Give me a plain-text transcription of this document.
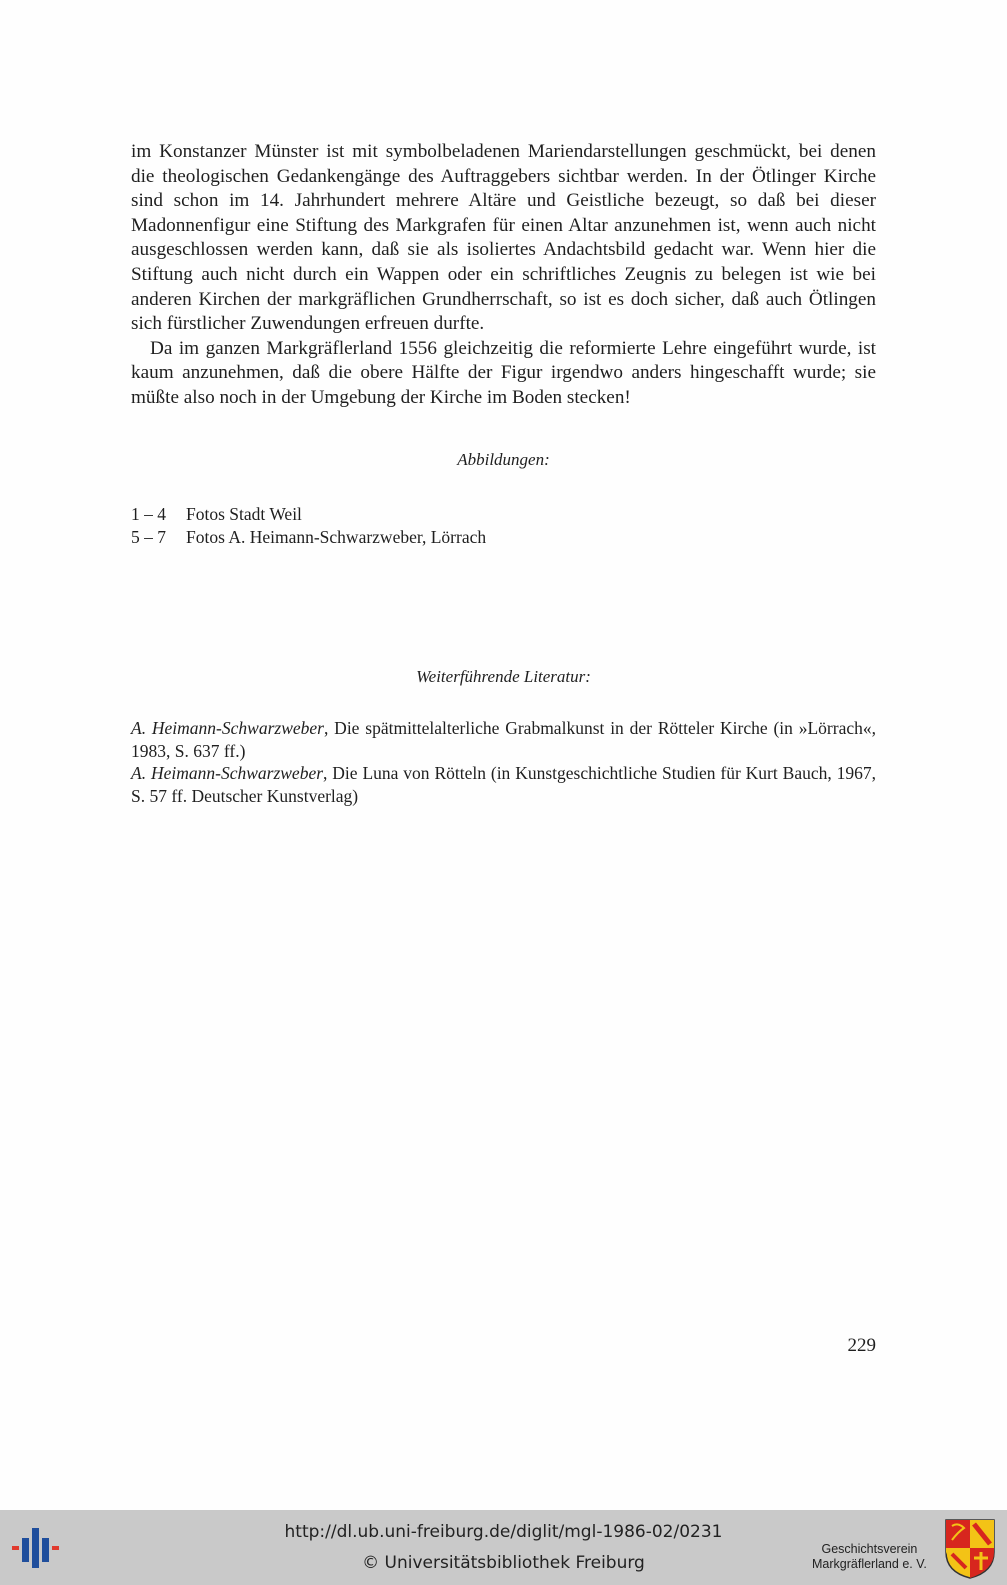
im Konstanzer Münster ist mit symbolbeladenen Mariendarstellungen geschmückt, bei denen die theologischen Gedankengänge des Auftraggebers sichtbar werden. In der Ötlinger Kirche sind schon im 14. Jahrhundert mehrere Altäre und Geistliche bezeugt, so daß bei dieser Madonnenfigur eine Stiftung des Markgrafen für einen Altar anzunehmen ist, wenn auch nicht ausgeschlossen werden kann, daß sie als isoliertes Andachtsbild gedacht war. Wenn hier die Stiftung auch nicht durch ein Wappen oder ein schriftliches Zeugnis zu belegen ist wie bei anderen Kirchen der markgräflichen Grundherrschaft, so ist es doch sicher, daß auch Ötlingen sich fürstlicher Zuwendungen erfreuen durfte.

Da im ganzen Markgräflerland 1556 gleichzeitig die reformierte Lehre eingeführt wurde, ist kaum anzunehmen, daß die obere Hälfte der Figur irgendwo anders hingeschafft wurde; sie müßte also noch in der Umgebung der Kirche im Boden stecken!

Abbildungen:
1 – 4	Fotos Stadt Weil
5 – 7	Fotos A. Heimann-Schwarzweber, Lörrach
Weiterführende Literatur:

A. Heimann-Schwarzweber, Die spätmittelalterliche Grabmalkunst in der Rötteler Kirche (in »Lörrach«, 1983, S. 637 ff.)

A. Heimann-Schwarzweber, Die Luna von Rötteln (in Kunstgeschichtliche Studien für Kurt Bauch, 1967, S. 57 ff. Deutscher Kunstverlag)

229
http://dl.ub.uni-freiburg.de/diglit/mgl-1986-02/0231
© Universitätsbibliothek Freiburg
Geschichtsverein
Markgräflerland e. V.
